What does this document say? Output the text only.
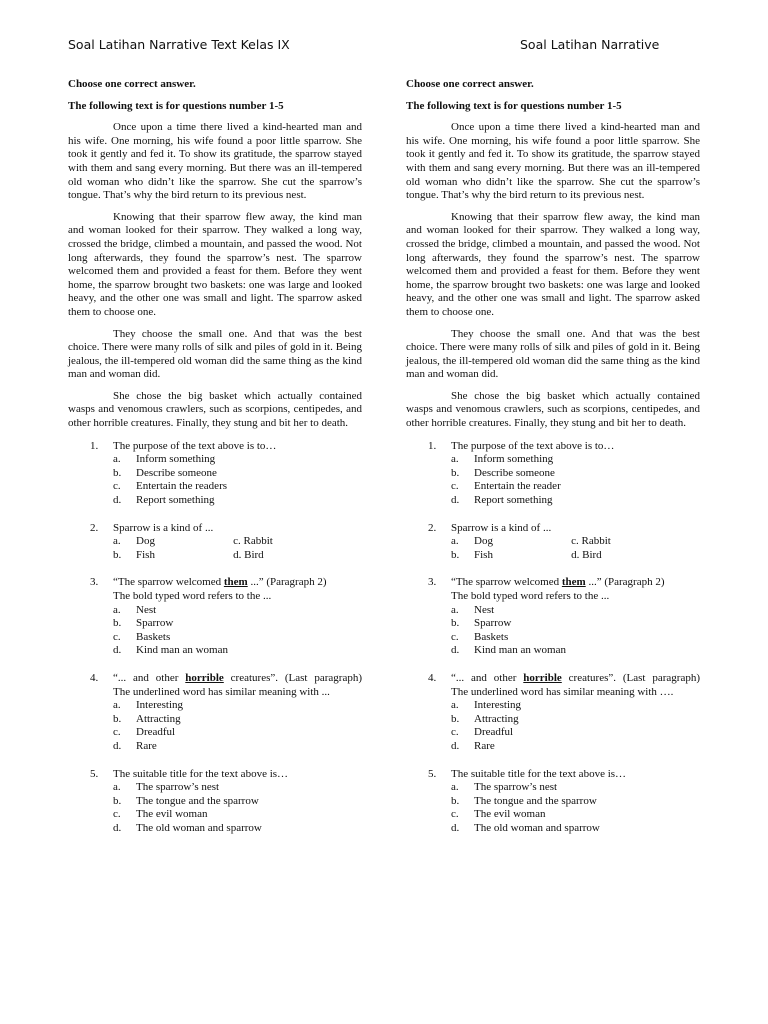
Soal Latihan Narrative Text Kelas IX	Soal Latihan Narrative

Choose one correct answer.

The following text is for questions number 1-5

Once upon a time there lived a kind-hearted man and his wife. One morning, his wife found a poor little sparrow. She took it gently and fed it. To show its gratitude, the sparrow stayed with them and sang every morning. But there was an ill-tempered old woman who didn’t like the sparrow. She cut the sparrow’s tongue. That’s why the bird return to its previous nest.

Knowing that their sparrow flew away, the kind man and woman looked for their sparrow. They walked a long way, crossed the bridge, climbed a mountain, and passed the wood. Not long afterwards, they found the sparrow’s nest. The sparrow welcomed them and provided a feast for them. Before they went home, the sparrow brought two baskets: one was large and looked heavy, and the other one was small and light. The sparrow asked them to choose one.

They choose the small one. And that was the best choice. There were many rolls of silk and piles of gold in it. Being jealous, the ill-tempered old woman did the same thing as the kind man and woman did.

She chose the big basket which actually contained wasps and venomous crawlers, such as scorpions, centipedes, and other horrible creatures. Finally, they stung and bit her to death.

1. The purpose of the text above is to…
a. Inform something
b. Describe someone
c. Entertain the readers
d. Report something
2. Sparrow is a kind of ...
a. Dog	c. Rabbit
b. Fish	d. Bird
3. “The sparrow welcomed them ...” (Paragraph 2)
The bold typed word refers to the ...
a. Nest
b. Sparrow
c. Baskets
d. Kind man an woman
4. “... and other horrible creatures”. (Last paragraph)
The underlined word has similar meaning with ...
a. Interesting
b. Attracting
c. Dreadful
d. Rare
5. The suitable title for the text above is…
a. The sparrow’s nest
b. The tongue and the sparrow
c. The evil woman
d. The old woman and sparrow

Choose one correct answer.

The following text is for questions number 1-5

Once upon a time there lived a kind-hearted man and his wife. One morning, his wife found a poor little sparrow. She took it gently and fed it. To show its gratitude, the sparrow stayed with them and sang every morning. But there was an ill-tempered old woman who didn’t like the sparrow. She cut the sparrow’s tongue. That’s why the bird return to its previous nest.

Knowing that their sparrow flew away, the kind man and woman looked for their sparrow. They walked a long way, crossed the bridge, climbed a mountain, and passed the wood. Not long afterwards, they found the sparrow’s nest. The sparrow welcomed them and provided a feast for them. Before they went home, the sparrow brought two baskets: one was large and looked heavy, and the other one was small and light. The sparrow asked them to choose one.

They choose the small one. And that was the best choice. There were many rolls of silk and piles of gold in it. Being jealous, the ill-tempered old woman did the same thing as the kind man and woman did.

She chose the big basket which actually contained wasps and venomous crawlers, such as scorpions, centipedes, and other horrible creatures. Finally, they stung and bit her to death.

1. The purpose of the text above is to…
a. Inform something
b. Describe someone
c. Entertain the reader
d. Report something
2. Sparrow is a kind of ...
a. Dog	c. Rabbit
b. Fish	d. Bird
3. “The sparrow welcomed them ...” (Paragraph 2)
The bold typed word refers to the ...
a. Nest
b. Sparrow
c. Baskets
d. Kind man an woman
4. “... and other horrible creatures”. (Last paragraph)
The underlined word has similar meaning with ….
a. Interesting
b. Attracting
c. Dreadful
d. Rare
5. The suitable title for the text above is…
a. The sparrow’s nest
b. The tongue and the sparrow
c. The evil woman
d. The old woman and sparrow
